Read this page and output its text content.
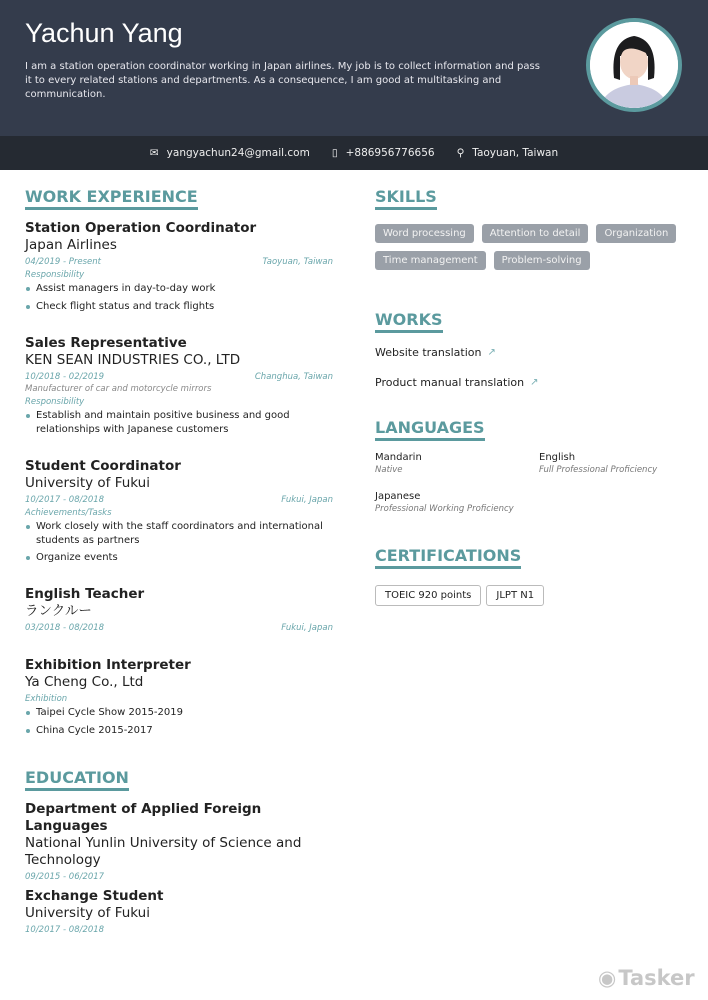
Yachun Yang
I am a station operation coordinator working in Japan airlines. My job is to collect information and pass it to every related stations and departments. As a consequence, I am good at multitasking and communication.
✉ yangyachun24@gmail.com ▯ +886956776656 ⚲ Taoyuan, Taiwan
WORK EXPERIENCE
Station Operation Coordinator
Japan Airlines
04/2019 - Present	Taoyuan, Taiwan
Responsibility
Assist managers in day-to-day work
Check flight status and track flights
Sales Representative
KEN SEAN INDUSTRIES CO., LTD
10/2018 - 02/2019	Changhua, Taiwan
Manufacturer of car and motorcycle mirrors
Responsibility
Establish and maintain positive business and good relationships with Japanese customers
Student Coordinator
University of Fukui
10/2017 - 08/2018	Fukui, Japan
Achievements/Tasks
Work closely with the staff coordinators and international students as partners
Organize events
English Teacher
ランクルー
03/2018 - 08/2018	Fukui, Japan
Exhibition Interpreter
Ya Cheng Co., Ltd
Exhibition
Taipei Cycle Show 2015-2019
China Cycle 2015-2017
EDUCATION
Department of Applied Foreign Languages
National Yunlin University of Science and Technology
09/2015 - 06/2017
Exchange Student
University of Fukui
10/2017 - 08/2018
SKILLS
Word processing	Attention to detail	Organization
Time management	Problem-solving
WORKS
Website translation ↗
Product manual translation ↗
LANGUAGES
Mandarin
Native
English
Full Professional Proficiency
Japanese
Professional Working Proficiency
CERTIFICATIONS
TOEIC 920 points	JLPT N1
◉ Tasker
